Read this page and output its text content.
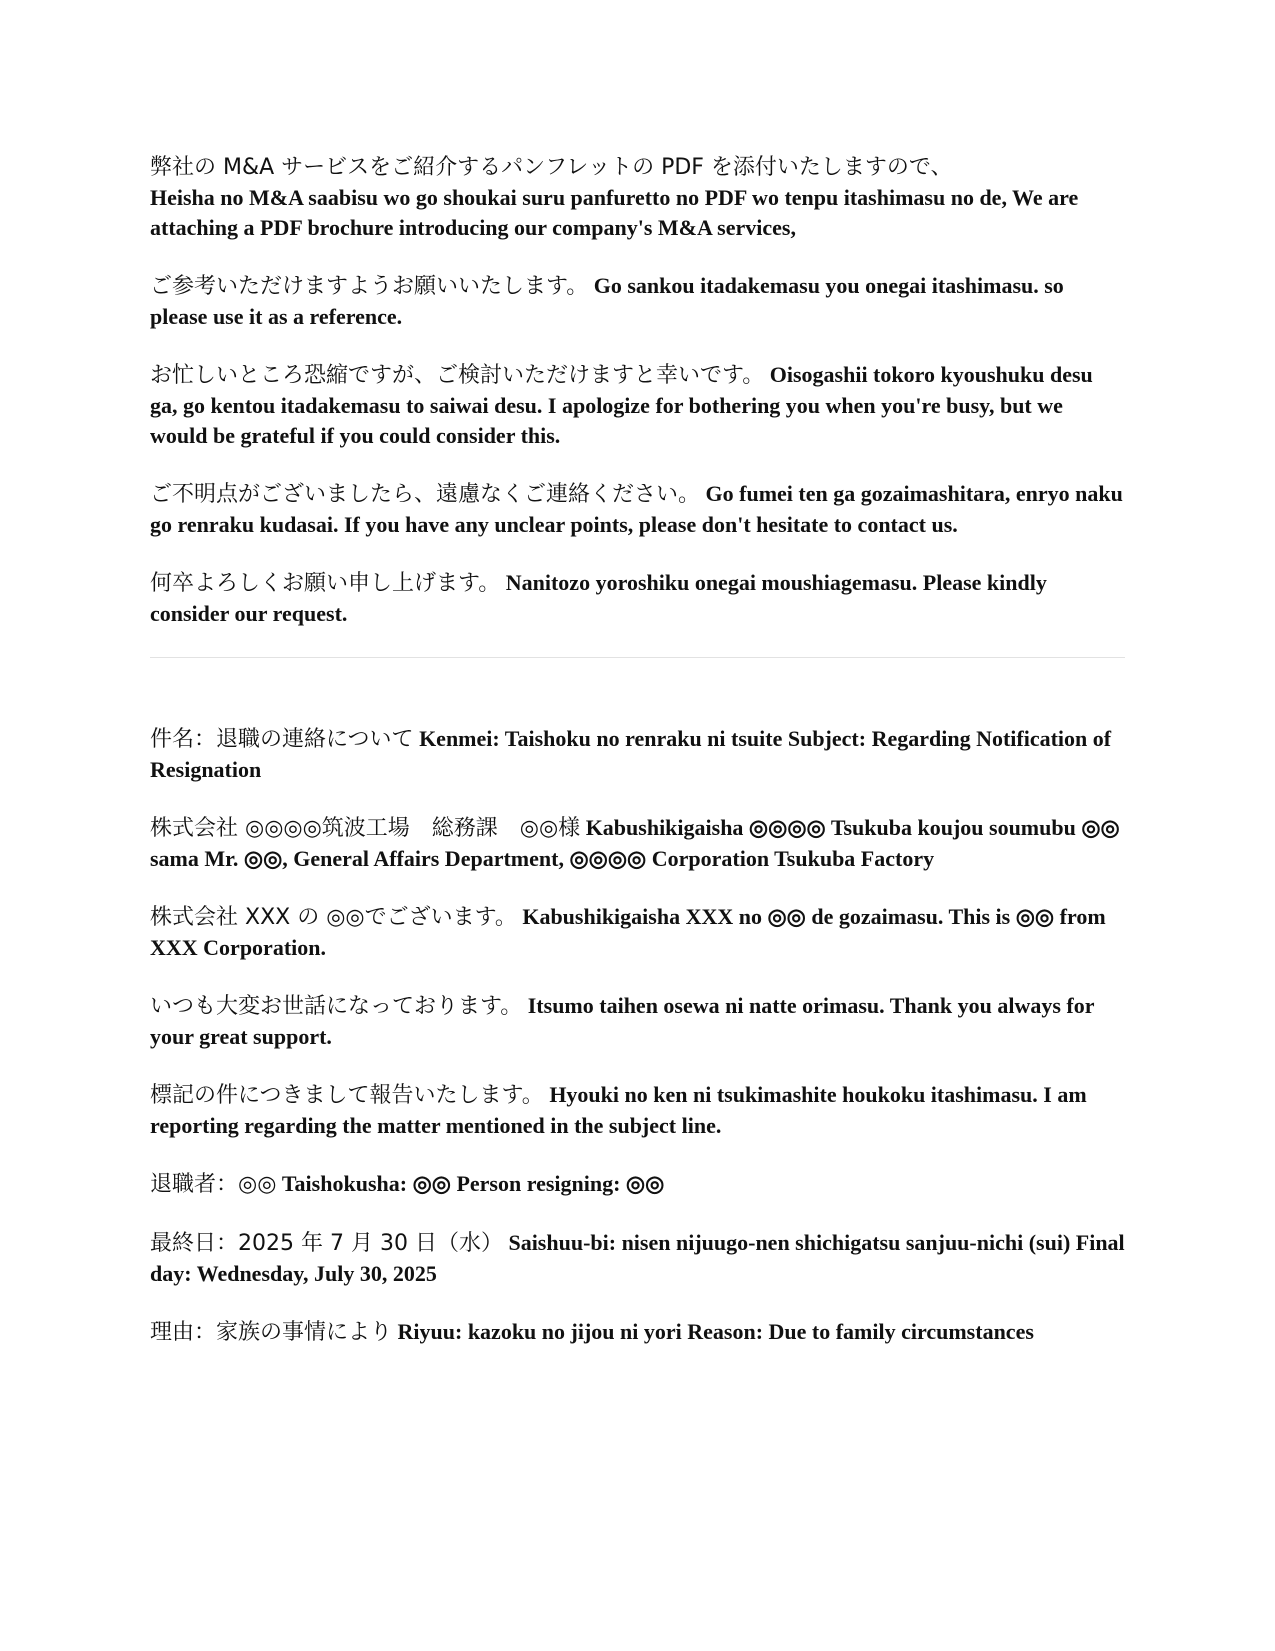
弊社の M&A サービスをご紹介するパンフレットの PDF を添付いたしますので、
Heisha no M&A saabisu wo go shoukai suru panfuretto no PDF wo tenpu itashimasu no de, We are attaching a PDF brochure introducing our company's M&A services,

ご参考いただけますようお願いいたします。 Go sankou itadakemasu you onegai itashimasu. so please use it as a reference.

お忙しいところ恐縮ですが、ご検討いただけますと幸いです。 Oisogashii tokoro kyoushuku desu ga, go kentou itadakemasu to saiwai desu. I apologize for bothering you when you're busy, but we would be grateful if you could consider this.

ご不明点がございましたら、遠慮なくご連絡ください。 Go fumei ten ga gozaimashitara, enryo naku go renraku kudasai. If you have any unclear points, please don't hesitate to contact us.

何卒よろしくお願い申し上げます。 Nanitozo yoroshiku onegai moushiagemasu. Please kindly consider our request.

件名：退職の連絡について Kenmei: Taishoku no renraku ni tsuite Subject: Regarding Notification of Resignation

株式会社 ◎◎◎◎筑波工場　総務課　◎◎様 Kabushikigaisha ◎◎◎◎ Tsukuba koujou soumubu ◎◎ sama Mr. ◎◎, General Affairs Department, ◎◎◎◎ Corporation Tsukuba Factory

株式会社 XXX の ◎◎でございます。 Kabushikigaisha XXX no ◎◎ de gozaimasu. This is ◎◎ from XXX Corporation.

いつも大変お世話になっております。 Itsumo taihen osewa ni natte orimasu. Thank you always for your great support.

標記の件につきまして報告いたします。 Hyouki no ken ni tsukimashite houkoku itashimasu. I am reporting regarding the matter mentioned in the subject line.

退職者：◎◎ Taishokusha: ◎◎ Person resigning: ◎◎

最終日：2025 年 7 月 30 日（水） Saishuu-bi: nisen nijuugo-nen shichigatsu sanjuu-nichi (sui) Final day: Wednesday, July 30, 2025

理由：家族の事情により Riyuu: kazoku no jijou ni yori Reason: Due to family circumstances
